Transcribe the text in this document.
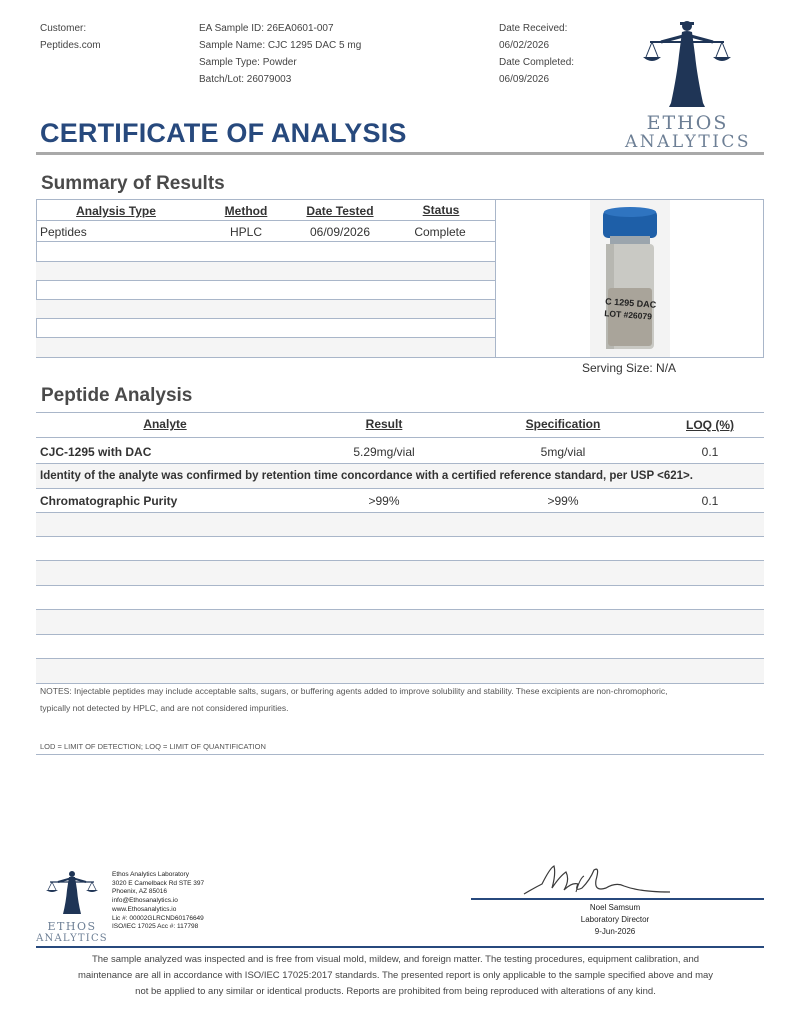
Customer:
Peptides.com
EA Sample ID: 26EA0601-007
Sample Name: CJC 1295 DAC 5 mg
Sample Type: Powder
Batch/Lot: 26079003
Date Received:
06/02/2026
Date Completed:
06/09/2026
ETHOS
ANALYTICS
CERTIFICATE OF ANALYSIS
Summary of Results
Analysis Type	Method	Date Tested	Status
Peptides	HPLC	06/09/2026	Complete
C 1295 DAC
LOT #26079
Serving Size: N/A
Peptide Analysis
Analyte	Result	Specification	LOQ (%)
CJC-1295 with DAC	5.29mg/vial	5mg/vial	0.1
Identity of the analyte was confirmed by retention time concordance with a certified reference standard, per USP <621>.
Chromatographic Purity	>99%	>99%	0.1
NOTES: Injectable peptides may include acceptable salts, sugars, or buffering agents added to improve solubility and stability. These excipients are non-chromophoric,
typically not detected by HPLC, and are not considered impurities.
LOD = LIMIT OF DETECTION; LOQ = LIMIT OF QUANTIFICATION
ETHOS
ANALYTICS
Ethos Analytics Laboratory
3020 E Camelback Rd STE 397
Phoenix, AZ 85016
info@Ethosanalytics.io
www.Ethosanalytics.io
Lic #: 00002GLRCND60176649
ISO/IEC 17025 Acc #: 117798
Noel Samsum
Laboratory Director
9-Jun-2026
The sample analyzed was inspected and is free from visual mold, mildew, and foreign matter. The testing procedures, equipment calibration, and
maintenance are all in accordance with ISO/IEC 17025:2017 standards. The presented report is only applicable to the sample specified above and may
not be applied to any similar or identical products. Reports are prohibited from being reproduced with alterations of any kind.
